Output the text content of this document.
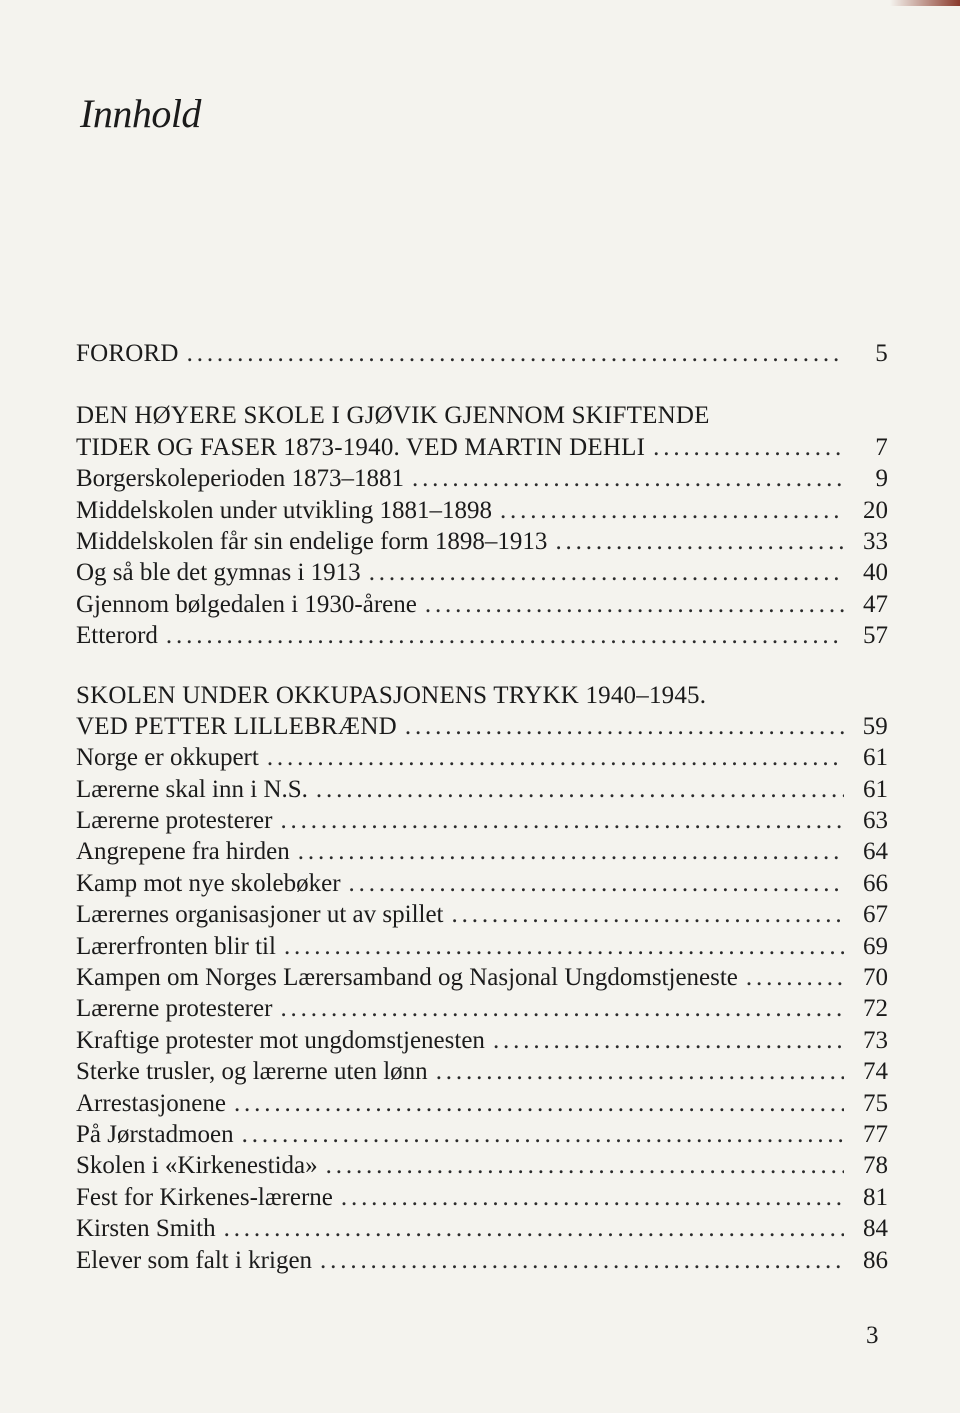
Innhold
FORORD . . .	5
DEN HØYERE SKOLE I GJØVIK GJENNOM SKIFTENDE
TIDER OG FASER 1873-1940. VED MARTIN DEHLI . . .	7
Borgerskoleperioden 1873–1881 . . .	9
Middelskolen under utvikling 1881–1898 . . .	20
Middelskolen får sin endelige form 1898–1913 . . .	33
Og så ble det gymnas i 1913 . . .	40
Gjennom bølgedalen i 1930-årene . . .	47
Etterord . . .	57
SKOLEN UNDER OKKUPASJONENS TRYKK 1940–1945.
VED PETTER LILLEBRÆND . . .	59
Norge er okkupert . . .	61
Lærerne skal inn i N.S. . . .	61
Lærerne protesterer . . .	63
Angrepene fra hirden . . .	64
Kamp mot nye skolebøker . . .	66
Lærernes organisasjoner ut av spillet . . .	67
Lærerfronten blir til . . .	69
Kampen om Norges Lærersamband og Nasjonal Ungdomstjeneste . . .	70
Lærerne protesterer . . .	72
Kraftige protester mot ungdomstjenesten . . .	73
Sterke trusler, og lærerne uten lønn . . .	74
Arrestasjonene . . .	75
På Jørstadmoen . . .	77
Skolen i «Kirkenestida» . . .	78
Fest for Kirkenes-lærerne . . .	81
Kirsten Smith . . .	84
Elever som falt i krigen . . .	86
3
